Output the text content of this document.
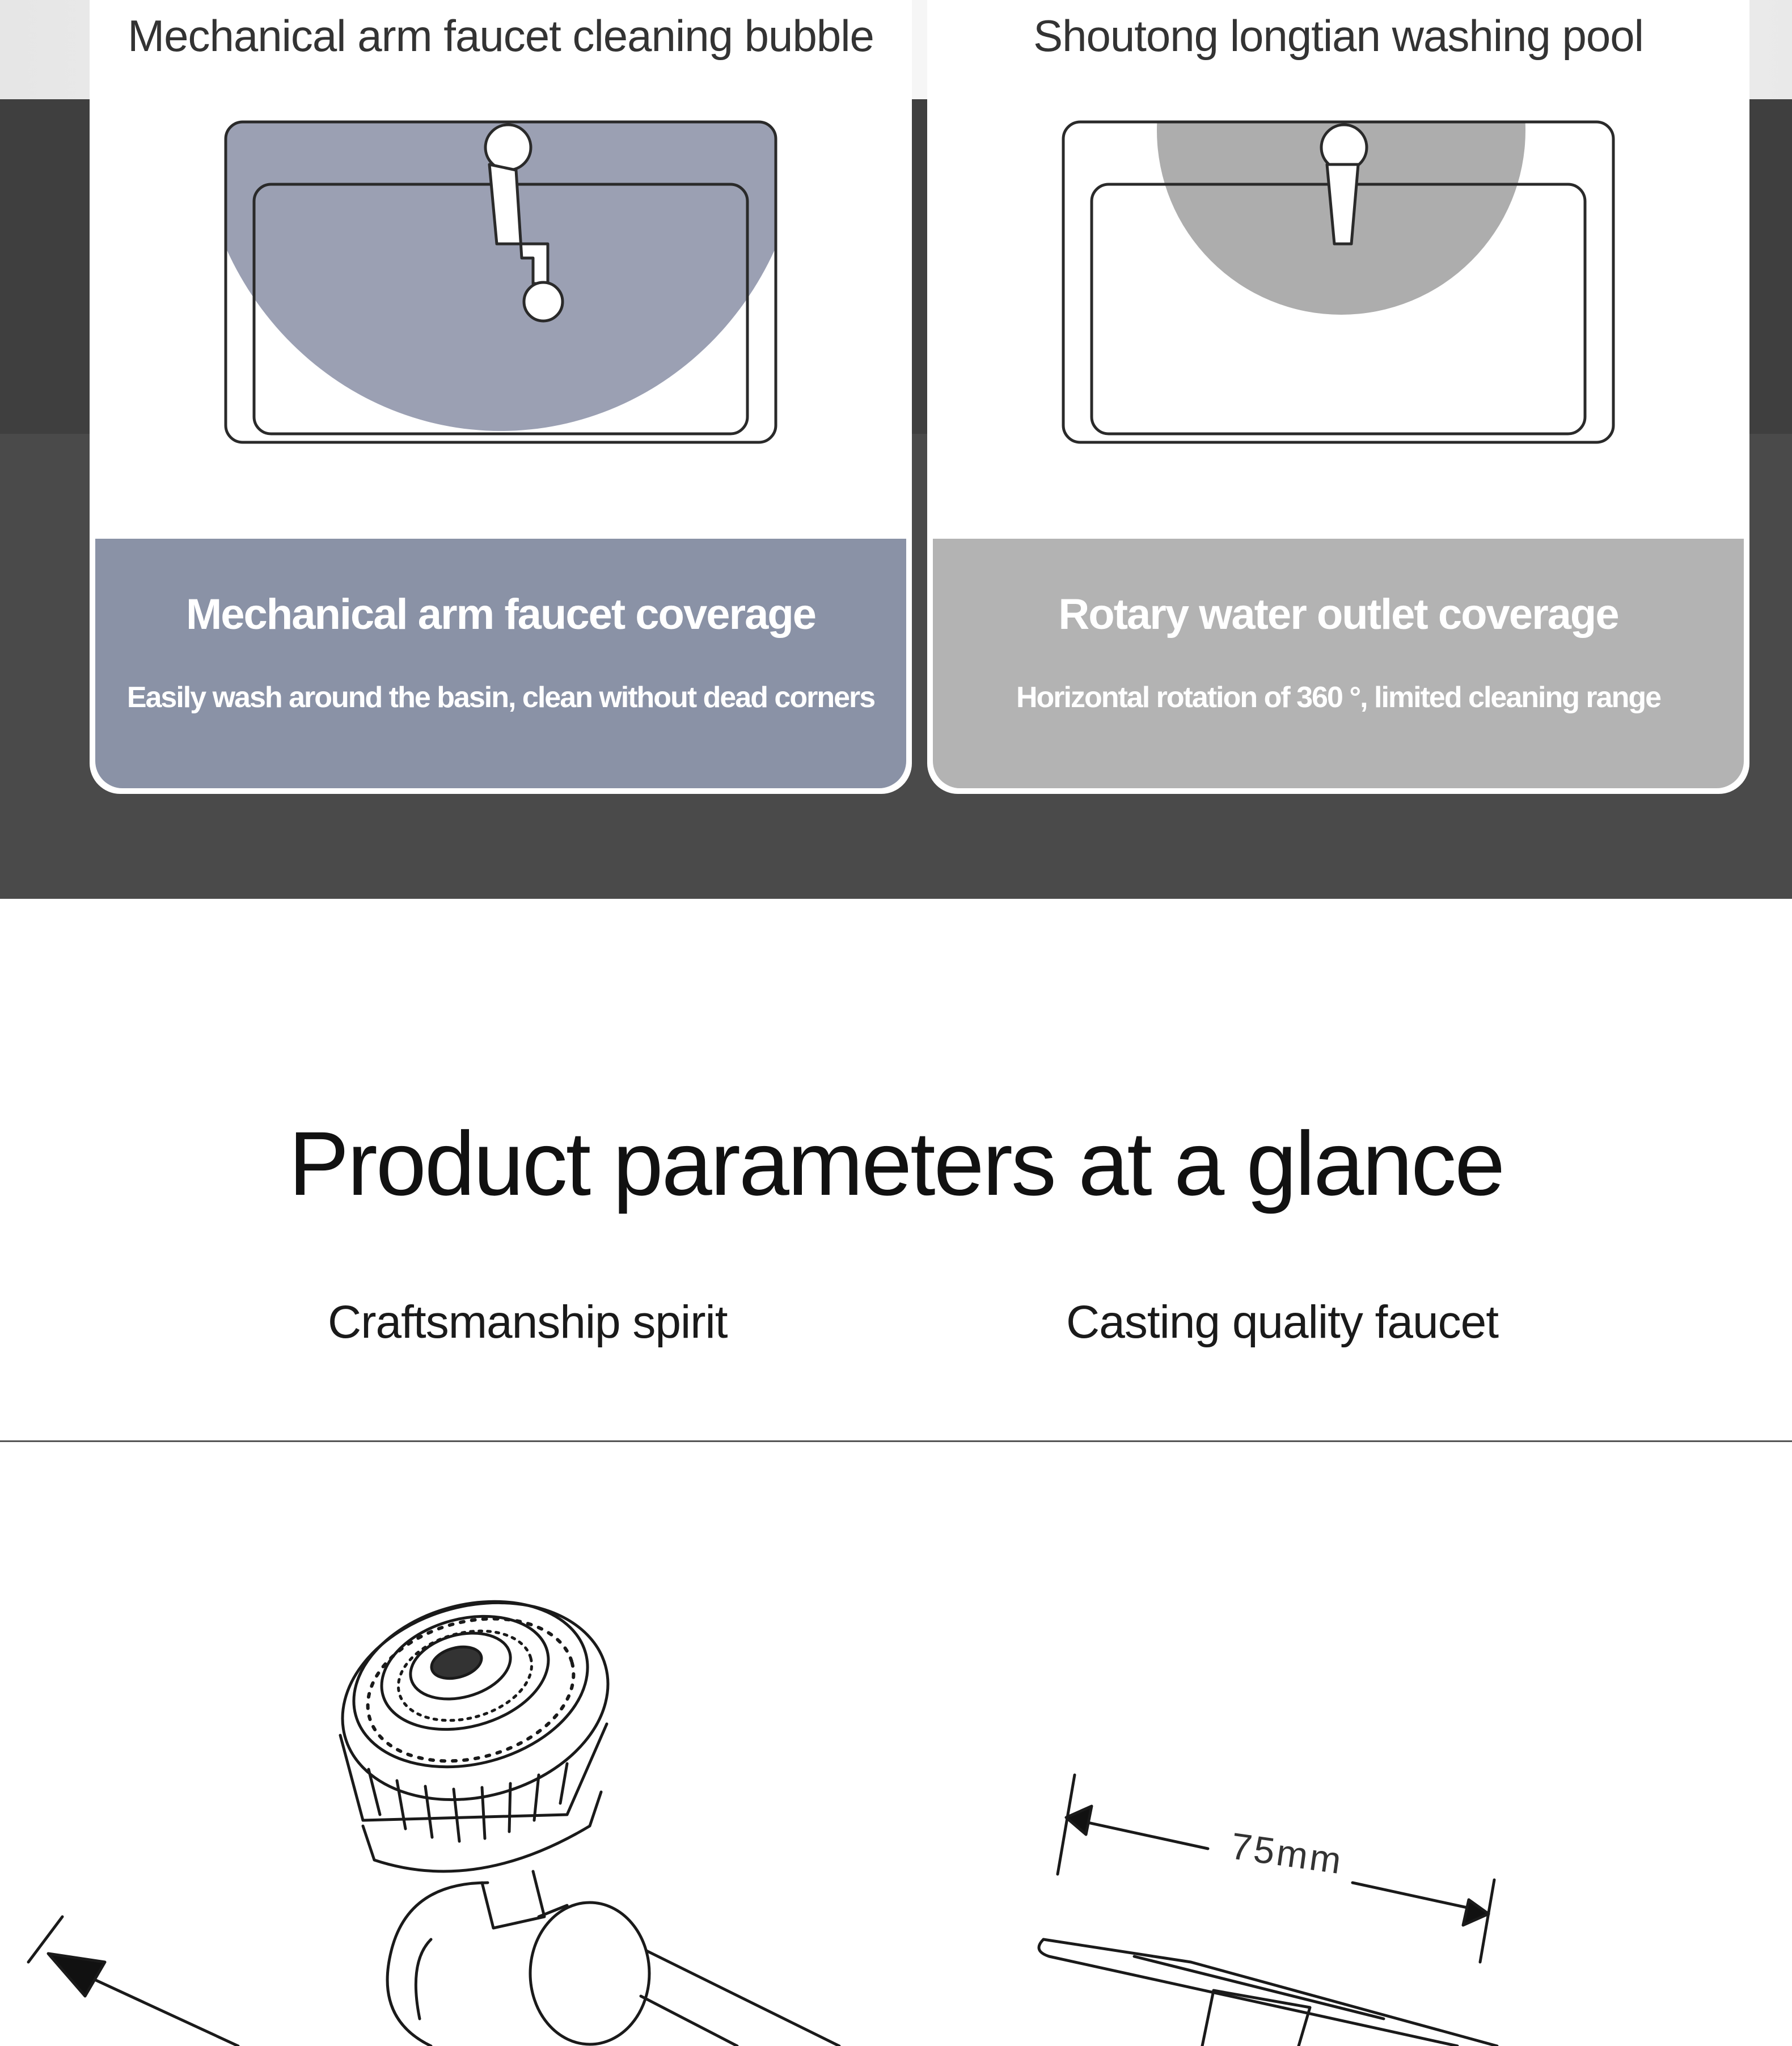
Mechanical arm faucet cleaning bubble
Mechanical arm faucet coverage
Easily wash around the basin, clean without dead corners
Shoutong longtian washing pool
Rotary water outlet coverage
Horizontal rotation of 360 °, limited cleaning range
Product parameters at a glance
Craftsmanship spirit	Casting quality faucet
75mm
